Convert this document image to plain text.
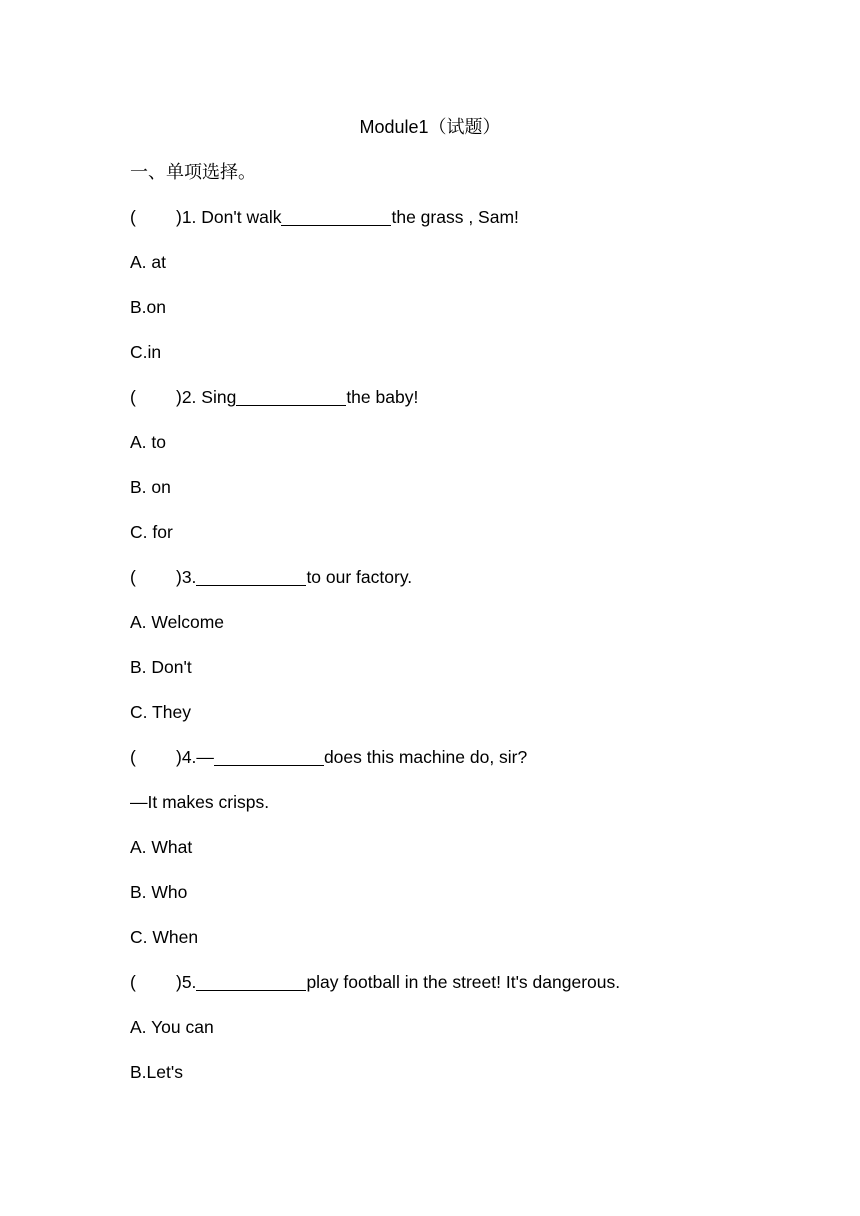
Module1（试题）
一、单项选择。
( )1. Don't walk	the grass , Sam!
A. at
B.on
C.in
( )2. Sing	the baby!
A. to
B. on
C. for
( )3.	to our factory.
A. Welcome
B. Don't
C. They
( )4.—	does this machine do, sir?
—It makes crisps.
A. What
B. Who
C. When
( )5.	play football in the street! It's dangerous.
A. You can
B.Let's
